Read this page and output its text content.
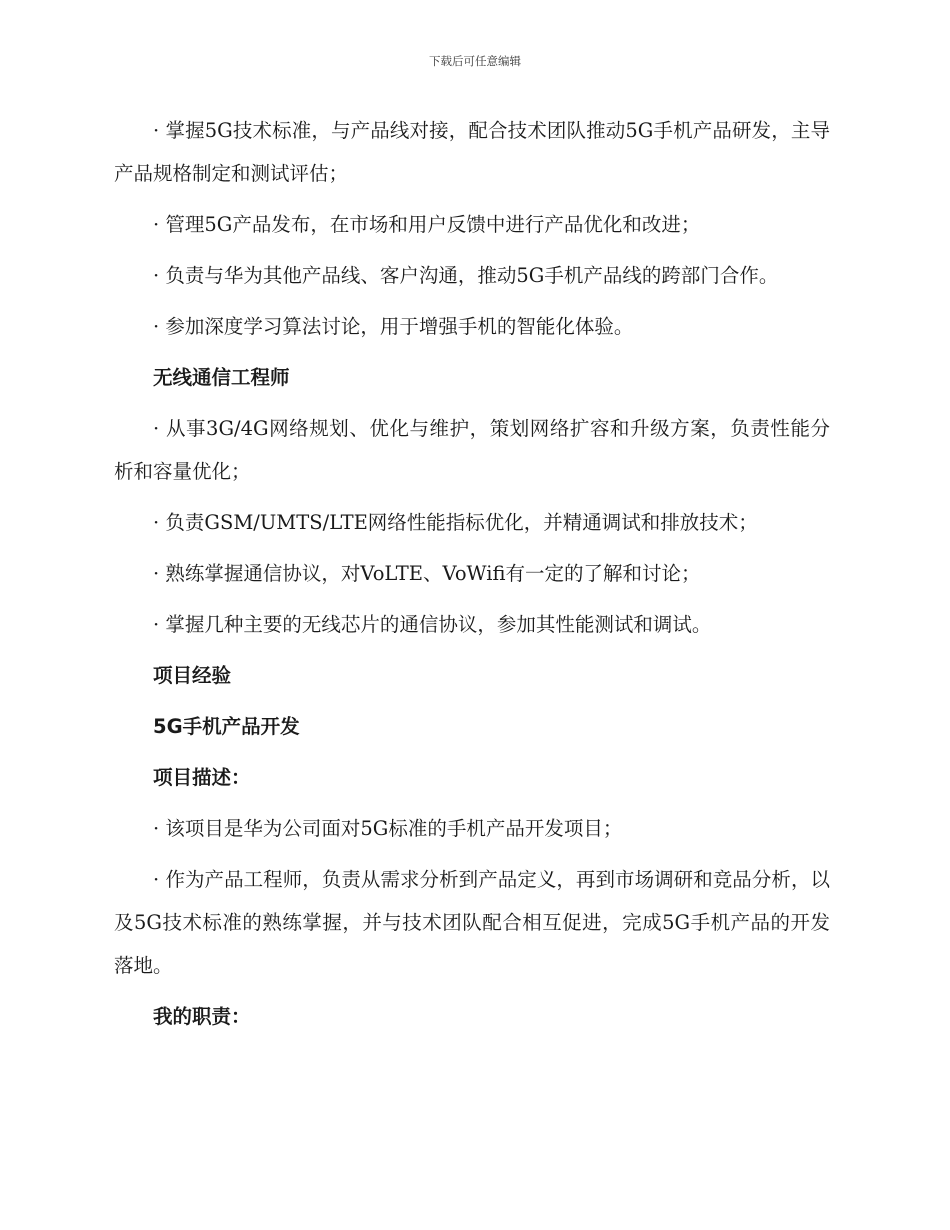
下载后可任意编辑

· 掌握5G技术标准，与产品线对接，配合技术团队推动5G手机产品研发，主导产品规格制定和测试评估；

· 管理5G产品发布，在市场和用户反馈中进行产品优化和改进；

· 负责与华为其他产品线、客户沟通，推动5G手机产品线的跨部门合作。

· 参加深度学习算法讨论，用于增强手机的智能化体验。

无线通信工程师

· 从事3G/4G网络规划、优化与维护，策划网络扩容和升级方案，负责性能分析和容量优化；

· 负责GSM/UMTS/LTE网络性能指标优化，并精通调试和排放技术；

· 熟练掌握通信协议，对VoLTE、VoWifi有一定的了解和讨论；

· 掌握几种主要的无线芯片的通信协议，参加其性能测试和调试。

项目经验

5G手机产品开发

项目描述：

· 该项目是华为公司面对5G标准的手机产品开发项目；

· 作为产品工程师，负责从需求分析到产品定义，再到市场调研和竞品分析，以及5G技术标准的熟练掌握，并与技术团队配合相互促进，完成5G手机产品的开发落地。

我的职责：
